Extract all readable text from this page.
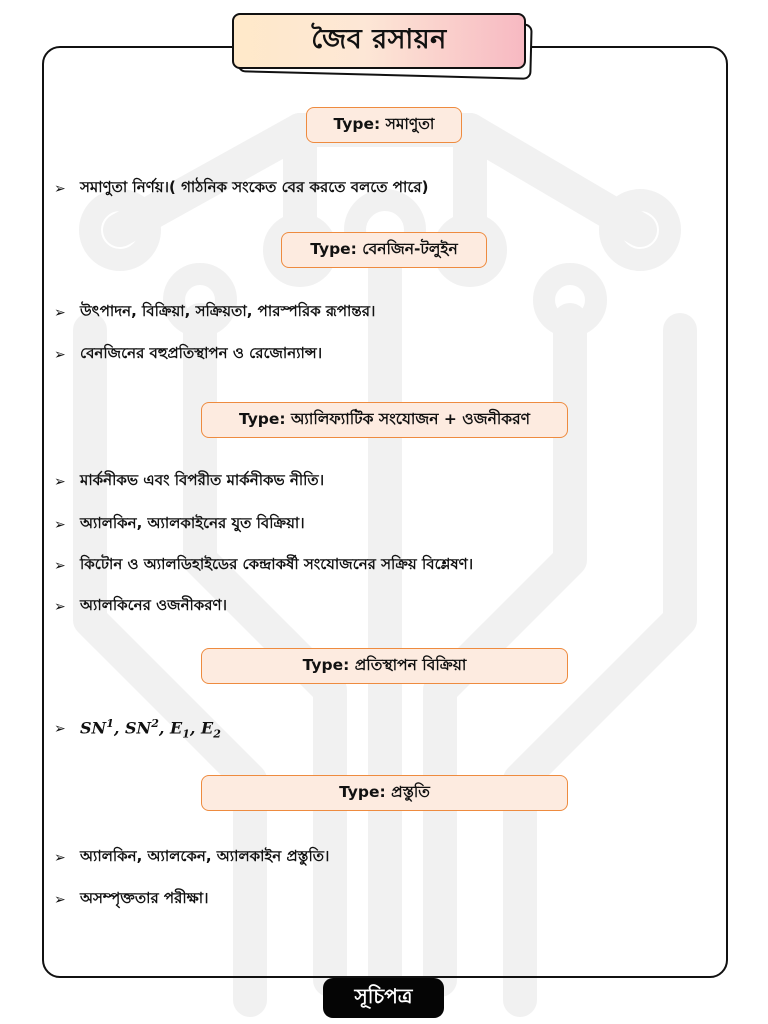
জৈব রসায়ন
Type: সমাণুতা
➢ সমাণুতা নির্ণয়।( গাঠনিক সংকেত বের করতে বলতে পারে)
Type: বেনজিন-টলুইন
➢ উৎপাদন, বিক্রিয়া, সক্রিয়তা, পারস্পরিক রূপান্তর।
➢ বেনজিনের বহুপ্রতিস্থাপন ও রেজোন্যান্স।
Type: অ্যালিফ্যাটিক সংযোজন + ওজনীকরণ
➢ মার্কনীকভ এবং বিপরীত মার্কনীকভ নীতি।
➢ অ্যালকিন, অ্যালকাইনের যুত বিক্রিয়া।
➢ কিটোন ও অ্যালডিহাইডের কেন্দ্রাকর্ষী সংযোজনের সক্রিয় বিশ্লেষণ।
➢ অ্যালকিনের ওজনীকরণ।
Type: প্রতিস্থাপন বিক্রিয়া
➢ $SN^1$, $SN^2$, $E_1$, $E_2$
Type: প্রস্তুতি
➢ অ্যালকিন, অ্যালকেন, অ্যালকাইন প্রস্তুতি।
➢ অসম্পৃক্ততার পরীক্ষা।
সূচিপত্র
